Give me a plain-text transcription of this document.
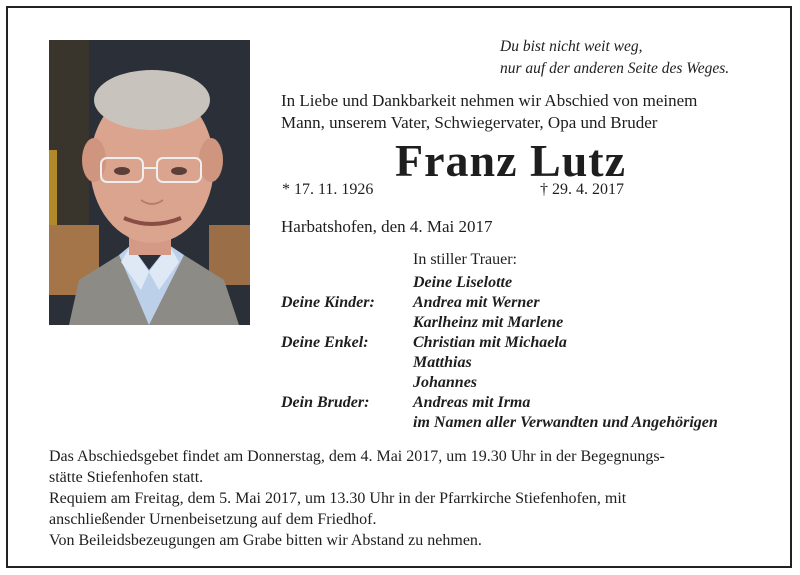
Du bist nicht weit weg,
nur auf der anderen Seite des Weges.
In Liebe und Dankbarkeit nehmen wir Abschied von meinem
Mann, unserem Vater, Schwiegervater, Opa und Bruder
Franz Lutz
* 17. 11. 1926	† 29. 4. 2017
Harbatshofen, den 4. Mai 2017
In stiller Trauer:
Deine Liselotte
Deine Kinder:	Andrea mit Werner
Karlheinz mit Marlene
Deine Enkel:	Christian mit Michaela
Matthias
Johannes
Dein Bruder:	Andreas mit Irma
im Namen aller Verwandten und Angehörigen
Das Abschiedsgebet findet am Donnerstag, dem 4. Mai 2017, um 19.30 Uhr in der Begegnungs-
stätte Stiefenhofen statt.
Requiem am Freitag, dem 5. Mai 2017, um 13.30 Uhr in der Pfarrkirche Stiefenhofen, mit
anschließender Urnenbeisetzung auf dem Friedhof.
Von Beileidsbezeugungen am Grabe bitten wir Abstand zu nehmen.
